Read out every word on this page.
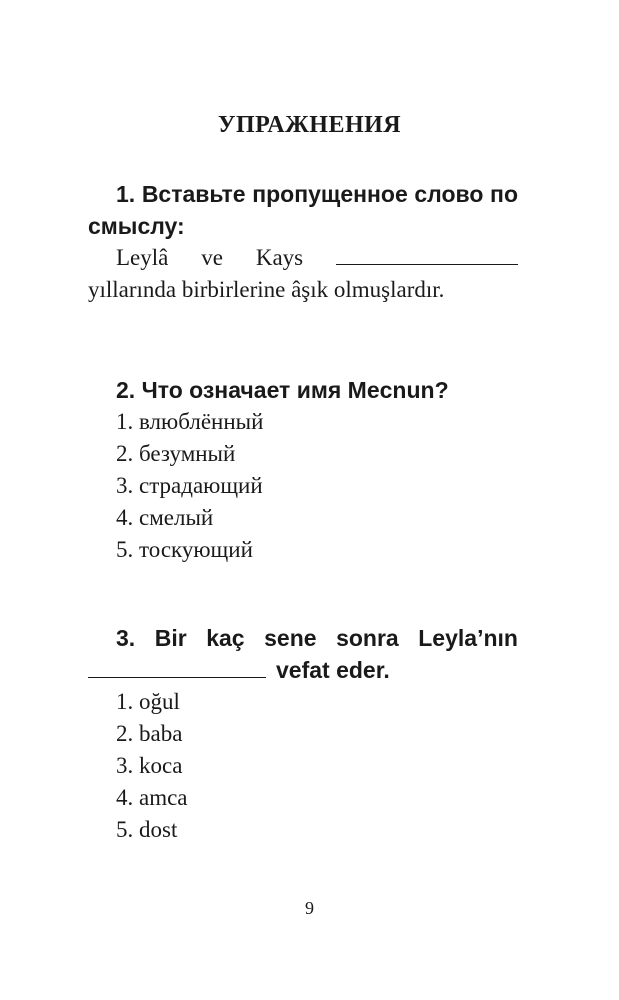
УПРАЖНЕНИЯ
1. Вставьте пропущенное слово по
смыслу:
Leylâ ve Kays
yıllarında birbirlerine âşık olmuşlardır.
2. Что означает имя Mecnun?
1. влюблённый
2. безумный
3. страдающий
4. смелый
5. тоскующий
3. Bir kaç sene sonra Leyla’nın
vefat eder.
1. oğul
2. baba
3. koca
4. amca
5. dost
9
